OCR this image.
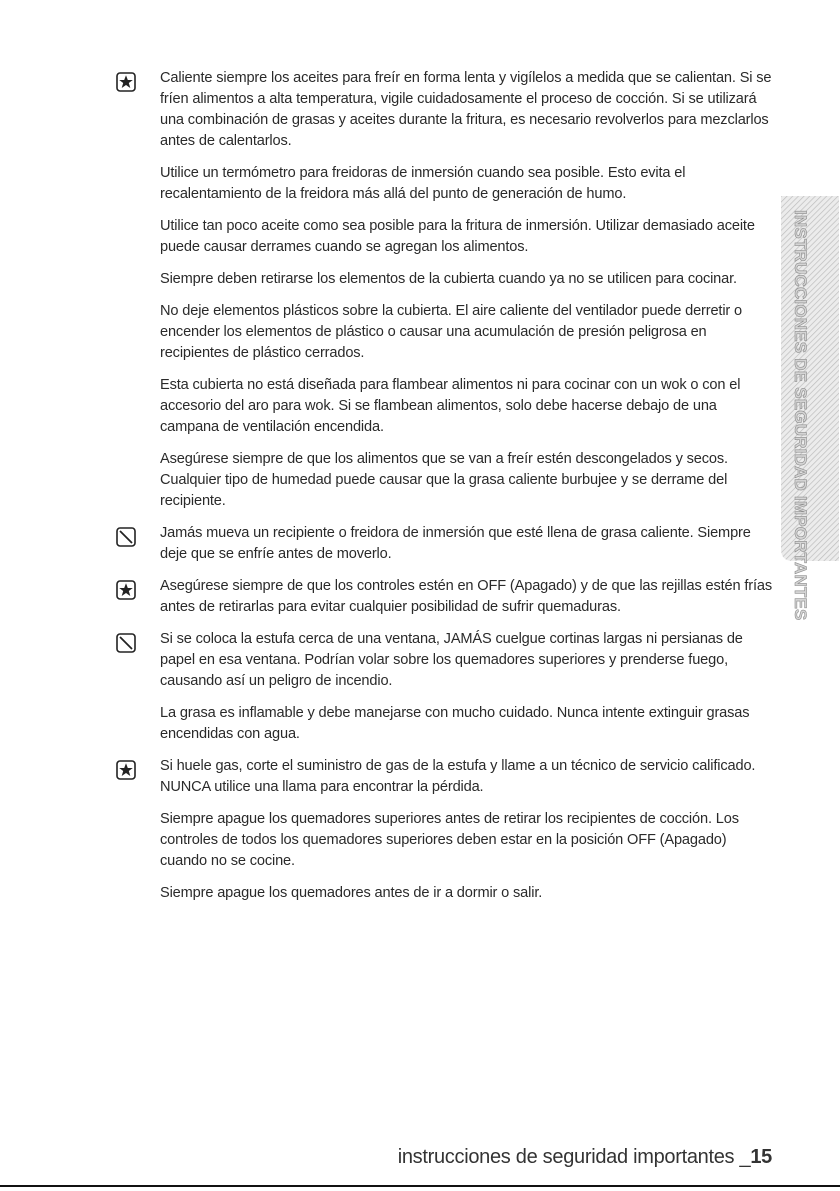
Caliente siempre los aceites para freír en forma lenta y vigílelos a medida que se calientan. Si se fríen alimentos a alta temperatura, vigile cuidadosamente el proceso de cocción. Si se utilizará una combinación de grasas y aceites durante la fritura, es necesario revolverlos para mezclarlos antes de calentarlos.

Utilice un termómetro para freidoras de inmersión cuando sea posible. Esto evita el recalentamiento de la freidora más allá del punto de generación de humo.

Utilice tan poco aceite como sea posible para la fritura de inmersión. Utilizar demasiado aceite puede causar derrames cuando se agregan los alimentos.

Siempre deben retirarse los elementos de la cubierta cuando ya no se utilicen para cocinar.

No deje elementos plásticos sobre la cubierta. El aire caliente del ventilador puede derretir o encender los elementos de plástico o causar una acumulación de presión peligrosa en recipientes de plástico cerrados.

Esta cubierta no está diseñada para flambear alimentos ni para cocinar con un wok o con el accesorio del aro para wok. Si se flambean alimentos, solo debe hacerse debajo de una campana de ventilación encendida.

Asegúrese siempre de que los alimentos que se van a freír estén descongelados y secos. Cualquier tipo de humedad puede causar que la grasa caliente burbujee y se derrame del recipiente.

Jamás mueva un recipiente o freidora de inmersión que esté llena de grasa caliente. Siempre deje que se enfríe antes de moverlo.

Asegúrese siempre de que los controles estén en OFF (Apagado) y de que las rejillas estén frías antes de retirarlas para evitar cualquier posibilidad de sufrir quemaduras.

Si se coloca la estufa cerca de una ventana, JAMÁS cuelgue cortinas largas ni persianas de papel en esa ventana. Podrían volar sobre los quemadores superiores y prenderse fuego, causando así un peligro de incendio.

La grasa es inflamable y debe manejarse con mucho cuidado. Nunca intente extinguir grasas encendidas con agua.

Si huele gas, corte el suministro de gas de la estufa y llame a un técnico de servicio calificado. NUNCA utilice una llama para encontrar la pérdida.

Siempre apague los quemadores superiores antes de retirar los recipientes de cocción. Los controles de todos los quemadores superiores deben estar en la posición OFF (Apagado) cuando no se cocine.

Siempre apague los quemadores antes de ir a dormir o salir.

INSTRUCCIONES DE SEGURIDAD IMPORTANTES
instrucciones de seguridad importantes _15
